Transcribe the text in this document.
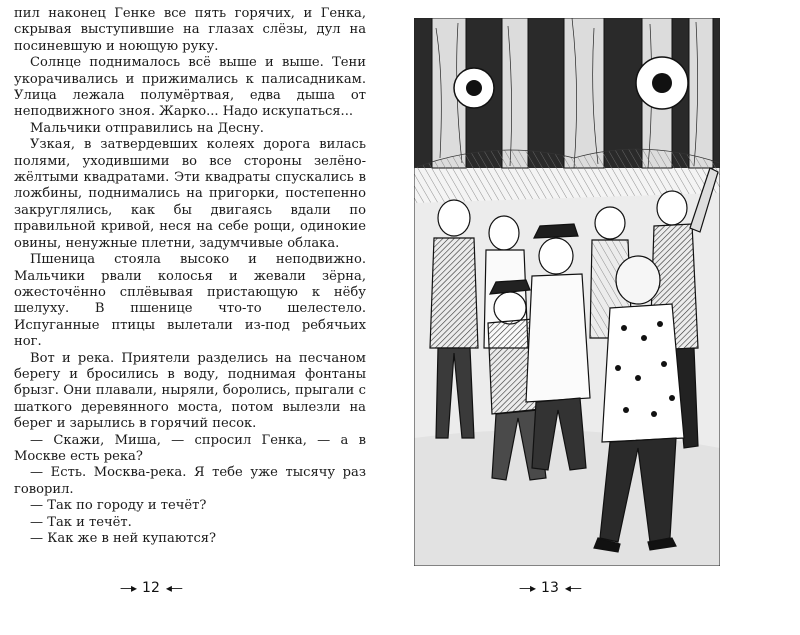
пил наконец Генке все пять горячих, и Генка, скрывая выступившие на глазах слёзы, дул на посиневшую и ноющую руку.

Солнце поднималось всё выше и выше. Тени укорачивались и прижимались к палисадникам. Улица лежала полумёртвая, едва дыша от неподвижного зноя. Жарко... Надо искупаться...

Мальчики отправились на Десну.

Узкая, в затвердевших колеях дорога вилась полями, уходившими во все стороны зелёно-жёлтыми квадратами. Эти квадраты спускались в ложбины, поднимались на пригорки, постепенно закруглялись, как бы двигаясь вдали по правильной кривой, неся на себе рощи, одинокие овины, ненужные плетни, задумчивые облака.

Пшеница стояла высоко и неподвижно. Мальчики рвали колосья и жевали зёрна, ожесточённо сплёвывая пристающую к нёбу шелуху. В пшенице что-то шелестело. Испуганные птицы вылетали из-под ребячьих ног.

Вот и река. Приятели разделись на песчаном берегу и бросились в воду, поднимая фонтаны брызг. Они плавали, ныряли, боролись, прыгали с шаткого деревянного моста, потом вылезли на берег и зарылись в горячий песок.

— Скажи, Миша, — спросил Генка, — а в Москве есть река?

— Есть. Москва-река. Я тебе уже тысячу раз говорил.

— Так по городу и течёт?

— Так и течёт.

— Как же в ней купаются?

—▸ 12 ◂—	—▸ 13 ◂—
